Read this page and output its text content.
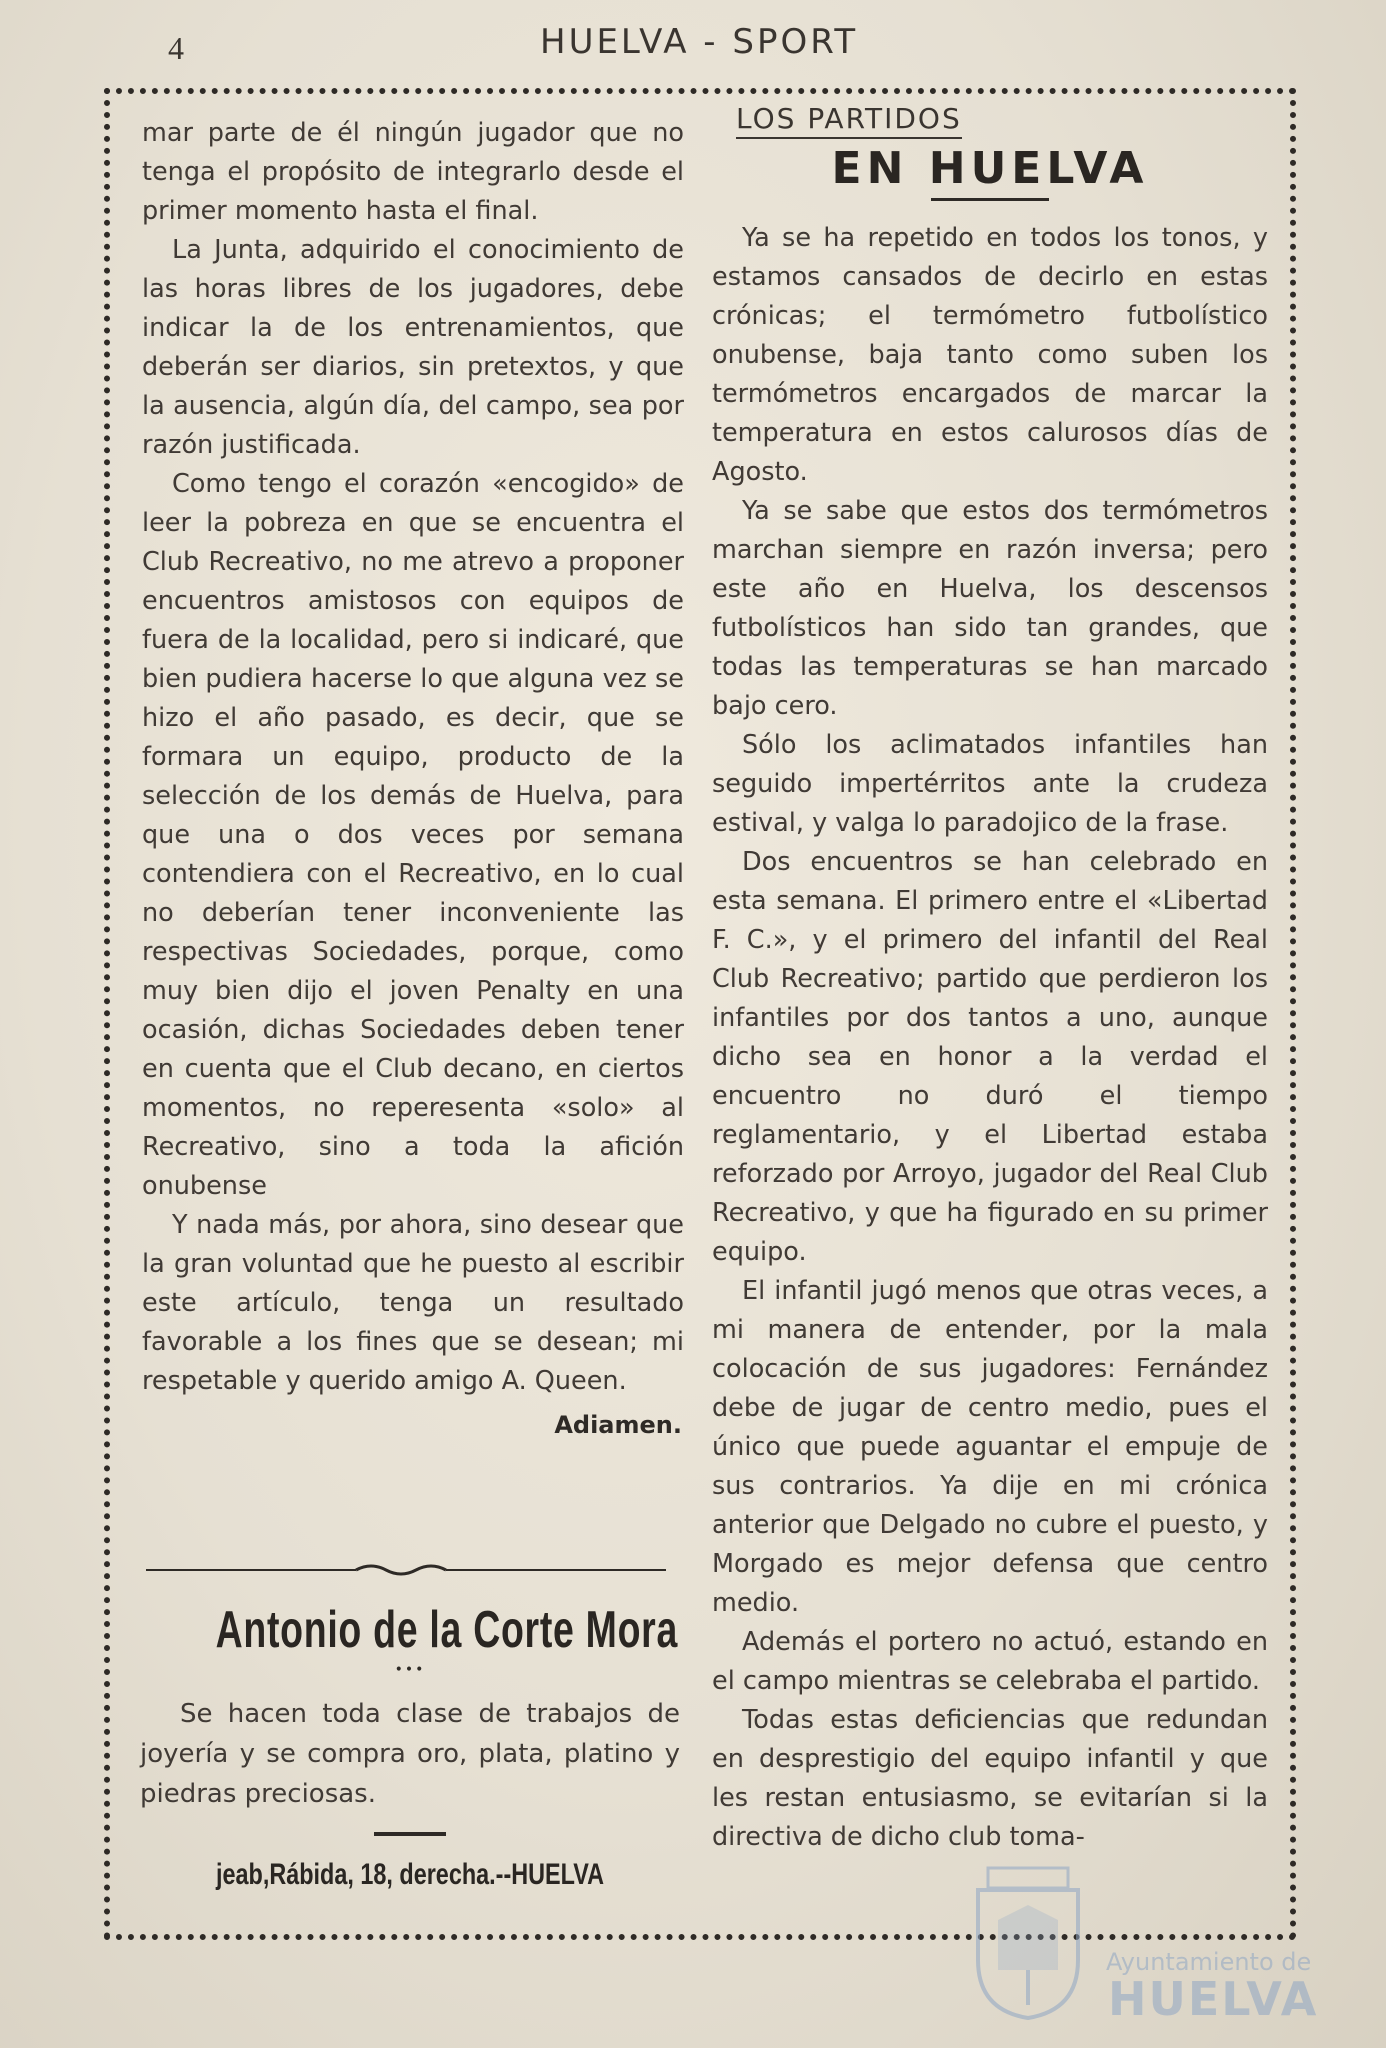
4	HUELVA - SPORT

mar parte de él ningún jugador que no tenga el propósito de integrarlo desde el primer momento hasta el final.

La Junta, adquirido el conocimiento de las horas libres de los jugadores, debe indicar la de los entrenamientos, que deberán ser diarios, sin pretextos, y que la ausencia, algún día, del campo, sea por razón justificada.

Como tengo el corazón «encogido» de leer la pobreza en que se encuentra el Club Recreativo, no me atrevo a proponer encuentros amistosos con equipos de fuera de la localidad, pero si indicaré, que bien pudiera hacerse lo que alguna vez se hizo el año pasado, es decir, que se formara un equipo, producto de la selección de los demás de Huelva, para que una o dos veces por semana contendiera con el Recreativo, en lo cual no deberían tener inconveniente las respectivas Sociedades, porque, como muy bien dijo el joven Penalty en una ocasión, dichas Sociedades deben tener en cuenta que el Club decano, en ciertos momentos, no reperesenta «solo» al Recreativo, sino a toda la afición onubense

Y nada más, por ahora, sino desear que la gran voluntad que he puesto al escribir este artículo, tenga un resultado favorable a los fines que se desean; mi respetable y querido amigo A. Queen.

Adiamen.
Antonio de la Corte Mora
•••

Se hacen toda clase de trabajos de joyería y se compra oro, plata, platino y piedras preciosas.

jeab,Rábida, 18, derecha.--HUELVA
LOS PARTIDOS
EN HUELVA

Ya se ha repetido en todos los tonos, y estamos cansados de decirlo en estas crónicas; el termómetro futbolístico onubense, baja tanto como suben los termómetros encargados de marcar la temperatura en estos calurosos días de Agosto.

Ya se sabe que estos dos termómetros marchan siempre en razón inversa; pero este año en Huelva, los descensos futbolísticos han sido tan grandes, que todas las temperaturas se han marcado bajo cero.

Sólo los aclimatados infantiles han seguido impertérritos ante la crudeza estival, y valga lo paradojico de la frase.

Dos encuentros se han celebrado en esta semana. El primero entre el «Libertad F. C.», y el primero del infantil del Real Club Recreativo; partido que perdieron los infantiles por dos tantos a uno, aunque dicho sea en honor a la verdad el encuentro no duró el tiempo reglamentario, y el Libertad estaba reforzado por Arroyo, jugador del Real Club Recreativo, y que ha figurado en su primer equipo.

El infantil jugó menos que otras veces, a mi manera de entender, por la mala colocación de sus jugadores: Fernández debe de jugar de centro medio, pues el único que puede aguantar el empuje de sus contrarios. Ya dije en mi crónica anterior que Delgado no cubre el puesto, y Morgado es mejor defensa que centro medio.

Además el portero no actuó, estando en el campo mientras se celebraba el partido.

Todas estas deficiencias que redundan en desprestigio del equipo infantil y que les restan entusiasmo, se evitarían si la directiva de dicho club toma-

Ayuntamiento de
HUELVA
